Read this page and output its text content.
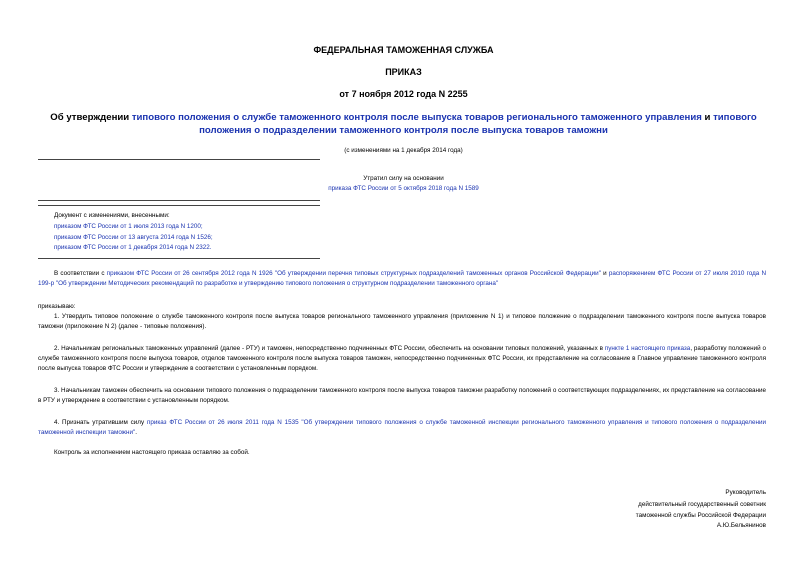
ФЕДЕРАЛЬНАЯ ТАМОЖЕННАЯ СЛУЖБА
ПРИКАЗ
от 7 ноября 2012 года N 2255
Об утверждении типового положения о службе таможенного контроля после выпуска товаров регионального таможенного управления и типового положения о подразделении таможенного контроля после выпуска товаров таможни
(с изменениями на 1 декабря 2014 года)
Утратил силу на основании
приказа ФТС России от 5 октября 2018 года N 1589
Документ с изменениями, внесенными:
приказом ФТС России от 1 июля 2013 года N 1200;
приказом ФТС России от 13 августа 2014 года N 1526;
приказом ФТС России от 1 декабря 2014 года N 2322.
В соответствии с приказом ФТС России от 26 сентября 2012 года N 1926 "Об утверждении перечня типовых структурных подразделений таможенных органов Российской Федерации" и распоряжением ФТС России от 27 июля 2010 года N 199-р "Об утверждении Методических рекомендаций по разработке и утверждению типового положения о структурном подразделении таможенного органа"
приказываю:
1. Утвердить типовое положение о службе таможенного контроля после выпуска товаров регионального таможенного управления (приложение N 1) и типовое положение о подразделении таможенного контроля после выпуска товаров таможни (приложение N 2) (далее - типовые положения).
2. Начальникам региональных таможенных управлений (далее - РТУ) и таможен, непосредственно подчиненных ФТС России, обеспечить на основании типовых положений, указанных в пункте 1 настоящего приказа, разработку положений о службе таможенного контроля после выпуска товаров, отделов таможенного контроля после выпуска товаров таможен, непосредственно подчиненных ФТС России, их представление на согласование в Главное управление таможенного контроля после выпуска товаров ФТС России и утверждение в соответствии с установленным порядком.
3. Начальникам таможен обеспечить на основании типового положения о подразделении таможенного контроля после выпуска товаров таможни разработку положений о соответствующих подразделениях, их представление на согласование в РТУ и утверждение в соответствии с установленным порядком.
4. Признать утратившим силу приказ ФТС России от 26 июля 2011 года N 1535 "Об утверждении типового положения о службе таможенной инспекции регионального таможенного управления и типового положения о подразделении таможенной инспекции таможни".
Контроль за исполнением настоящего приказа оставляю за собой.
Руководитель
действительный государственный советник
таможенной службы Российской Федерации
А.Ю.Бельянинов
